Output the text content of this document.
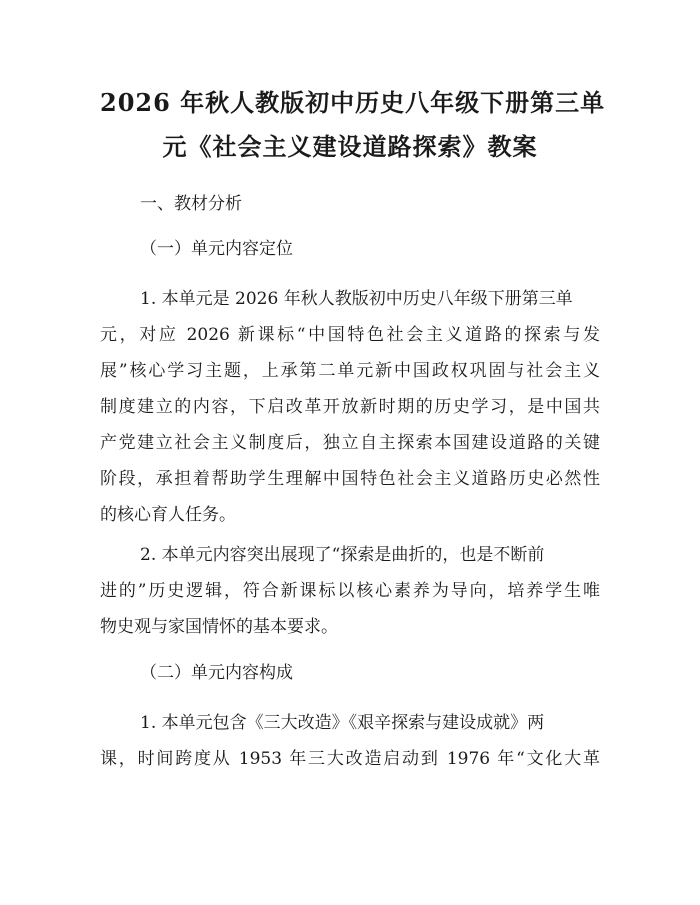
2026 年秋人教版初中历史八年级下册第三单
元《社会主义建设道路探索》教案
一、教材分析
（一）单元内容定位
1. 本单元是 2026 年秋人教版初中历史八年级下册第三单
元，对应 2026 新课标“中国特色社会主义道路的探索与发
展”核心学习主题，上承第二单元新中国政权巩固与社会主义
制度建立的内容，下启改革开放新时期的历史学习，是中国共
产党建立社会主义制度后，独立自主探索本国建设道路的关键
阶段，承担着帮助学生理解中国特色社会主义道路历史必然性
的核心育人任务。
2. 本单元内容突出展现了“探索是曲折的，也是不断前
进的”历史逻辑，符合新课标以核心素养为导向，培养学生唯
物史观与家国情怀的基本要求。
（二）单元内容构成
1. 本单元包含《三大改造》《艰辛探索与建设成就》两
课，时间跨度从 1953 年三大改造启动到 1976 年“文化大革
